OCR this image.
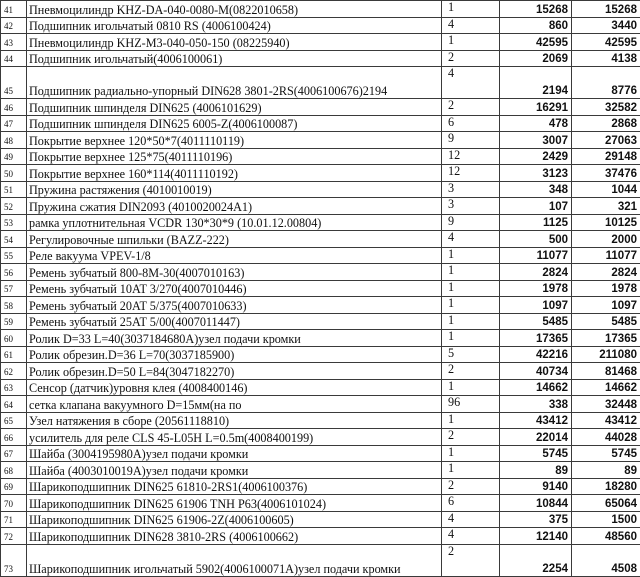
41	Пневмоцилиндр KHZ-DA-040-0080-M(0822010658)	1	15268	15268
42	Подшипник игольчатый 0810 RS (4006100424)	4	860	3440
43	Пневмоцилиндр KHZ-M3-040-050-150 (08225940)	1	42595	42595
44	Подшипник игольчатый(4006100061)	2	2069	4138
45	Подшипник радиально-упорный DIN628 3801-2RS(4006100676)2194	4	2194	8776
46	Подшипник шпинделя DIN625 (4006101629)	2	16291	32582
47	Подшипник шпинделя DIN625 6005-Z(4006100087)	6	478	2868
48	Покрытие верхнее 120*50*7(4011110119)	9	3007	27063
49	Покрытие верхнее 125*75(4011110196)	12	2429	29148
50	Покрытие верхнее 160*114(4011110192)	12	3123	37476
51	Пружина растяжения (4010010019)	3	348	1044
52	Пружина сжатия DIN2093 (4010020024A1)	3	107	321
53	рамка уплотнительная VCDR 130*30*9 (10.01.12.00804)	9	1125	10125
54	Регулировочные шпильки (BAZZ-222)	4	500	2000
55	Реле вакуума VPEV-1/8	1	11077	11077
56	Ремень зубчатый 800-8M-30(4007010163)	1	2824	2824
57	Ремень зубчатый 10AT 3/270(4007010446)	1	1978	1978
58	Ремень зубчатый 20AT 5/375(4007010633)	1	1097	1097
59	Ремень зубчатый 25AT 5/00(4007011447)	1	5485	5485
60	Ролик D=33 L=40(3037184680A)узел подачи кромки	1	17365	17365
61	Ролик обрезин.D=36 L=70(3037185900)	5	42216	211080
62	Ролик обрезин.D=50 L=84(3047182270)	2	40734	81468
63	Сенсор (датчик)уровня клея (4008400146)	1	14662	14662
64	сетка клапана вакуумного D=15мм(на по	96	338	32448
65	Узел натяжения в сборе (20561118810)	1	43412	43412
66	усилитель для реле CLS 45-L05H L=0.5m(4008400199)	2	22014	44028
67	Шайба (3004195980A)узел подачи кромки	1	5745	5745
68	Шайба (4003010019A)узел подачи кромки	1	89	89
69	Шарикоподшипник DIN625 61810-2RS1(4006100376)	2	9140	18280
70	Шарикоподшипник DIN625 61906 TNH P63(4006101024)	6	10844	65064
71	Шарикоподшипник DIN625 61906-2Z(4006100605)	4	375	1500
72	Шарикоподшипник DIN628 3810-2RS (4006100662)	4	12140	48560
73	Шарикоподшипник игольчатый 5902(4006100071A)узел подачи кромки	2	2254	4508
